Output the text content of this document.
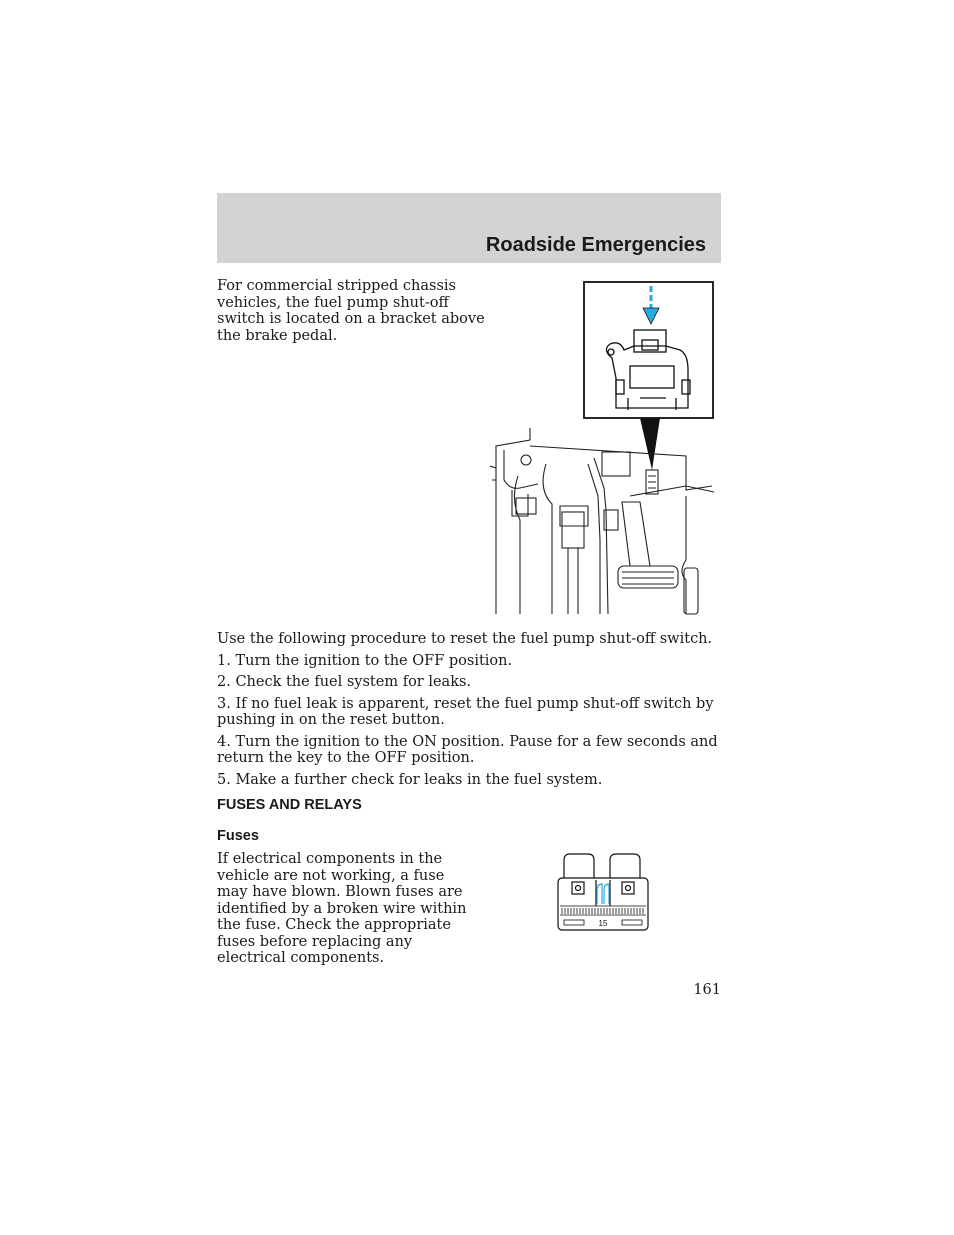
Roadside Emergencies

For commercial stripped chassis vehicles, the fuel pump shut-off switch is located on a bracket above the brake pedal.

Use the following procedure to reset the fuel pump shut-off switch.

1. Turn the ignition to the OFF position.

2. Check the fuel system for leaks.

3. If no fuel leak is apparent, reset the fuel pump shut-off switch by pushing in on the reset button.

4. Turn the ignition to the ON position. Pause for a few seconds and return the key to the OFF position.

5. Make a further check for leaks in the fuel system.

FUSES AND RELAYS
Fuses

If electrical components in the vehicle are not working, a fuse may have blown. Blown fuses are identified by a broken wire within the fuse. Check the appropriate fuses before replacing any electrical components.

15

161
